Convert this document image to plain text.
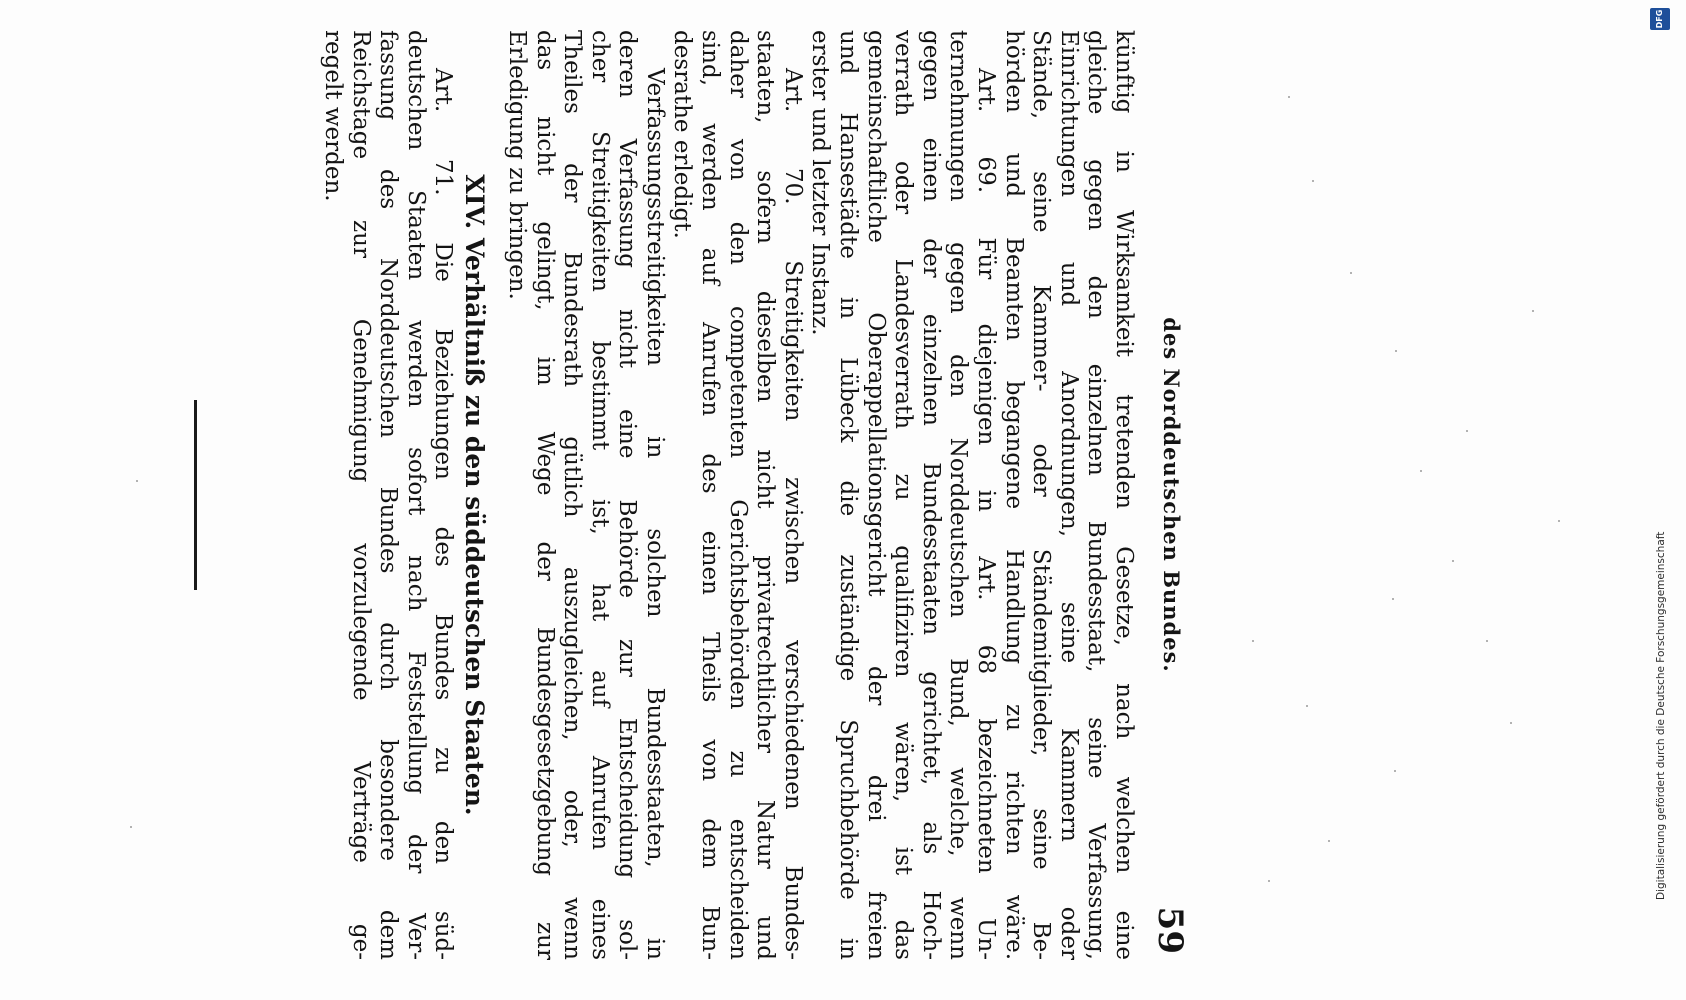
des Norddeutschen Bundes.
59
künftig in Wirksamkeit tretenden Gesetze, nach welchen eine
gleiche gegen den einzelnen Bundesstaat, seine Verfassung,
Einrichtungen und Anordnungen, seine Kammern oder
Stände, seine Kammer- oder Ständemitglieder, seine Be-
hörden und Beamten begangene Handlung zu richten wäre.
Art. 69. Für diejenigen in Art. 68 bezeichneten Un-
ternehmungen gegen den Norddeutschen Bund, welche, wenn
gegen einen der einzelnen Bundesstaaten gerichtet, als Hoch-
verrath oder Landesverrath zu qualifiziren wären, ist das
gemeinschaftliche Oberappellationsgericht der drei freien
und Hansestädte in Lübeck die zuständige Spruchbehörde in
erster und letzter Instanz.
Art. 70. Streitigkeiten zwischen verschiedenen Bundes-
staaten, sofern dieselben nicht privatrechtlicher Natur und
daher von den competenten Gerichtsbehörden zu entscheiden
sind, werden auf Anrufen des einen Theils von dem Bun-
desrathe erledigt.
Verfassungsstreitigkeiten in solchen Bundesstaaten, in
deren Verfassung nicht eine Behörde zur Entscheidung sol-
cher Streitigkeiten bestimmt ist, hat auf Anrufen eines
Theiles der Bundesrath gütlich auszugleichen, oder, wenn
das nicht gelingt, im Wege der Bundesgesetzgebung zur
Erledigung zu bringen.
XIV. Verhältniß zu den süddeutschen Staaten.
Art. 71. Die Beziehungen des Bundes zu den süd-
deutschen Staaten werden sofort nach Feststellung der Ver-
fassung des Norddeutschen Bundes durch besondere dem
Reichstage zur Genehmigung vorzulegende Verträge ge-
regelt werden.
Digitalisierung gefördert durch die Deutsche Forschungsgemeinschaft
DFG
